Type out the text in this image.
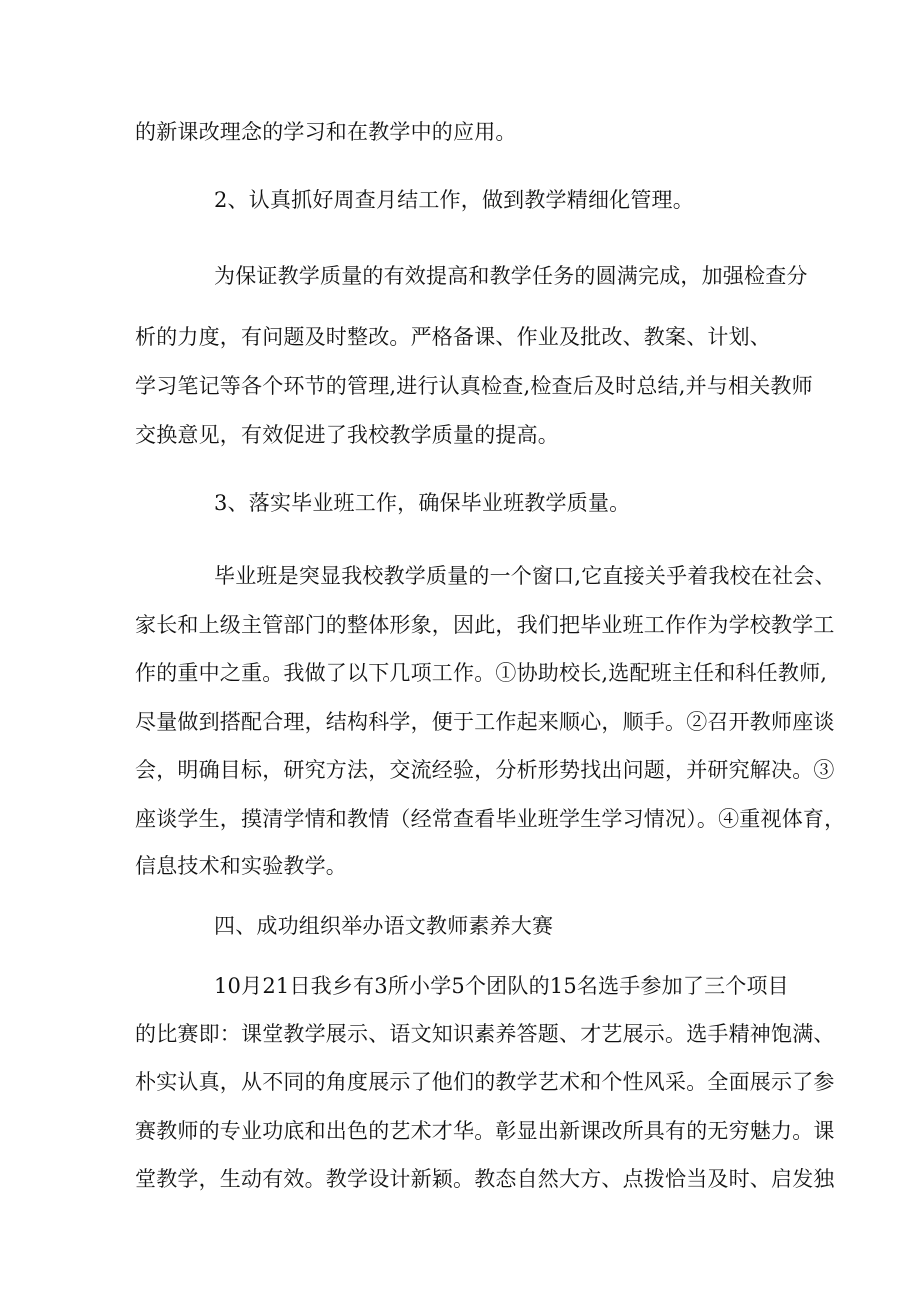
的新课改理念的学习和在教学中的应用。
2、认真抓好周查月结工作，做到教学精细化管理。
为保证教学质量的有效提高和教学任务的圆满完成，加强检查分
析的力度，有问题及时整改。严格备课、作业及批改、教案、计划、
学习笔记等各个环节的管理,进行认真检查,检查后及时总结,并与相关教师
交换意见，有效促进了我校教学质量的提高。
3、落实毕业班工作，确保毕业班教学质量。
毕业班是突显我校教学质量的一个窗口,它直接关乎着我校在社会、
家长和上级主管部门的整体形象，因此，我们把毕业班工作作为学校教学工
作的重中之重。我做了以下几项工作。①协助校长,选配班主任和科任教师,
尽量做到搭配合理，结构科学，便于工作起来顺心，顺手。②召开教师座谈
会，明确目标，研究方法，交流经验，分析形势找出问题，并研究解决。③
座谈学生，摸清学情和教情（经常查看毕业班学生学习情况）。④重视体育，
信息技术和实验教学。
四、成功组织举办语文教师素养大赛
10月21日我乡有3所小学5个团队的15名选手参加了三个项目
的比赛即：课堂教学展示、语文知识素养答题、才艺展示。选手精神饱满、
朴实认真，从不同的角度展示了他们的教学艺术和个性风采。全面展示了参
赛教师的专业功底和出色的艺术才华。彰显出新课改所具有的无穷魅力。课
堂教学，生动有效。教学设计新颖。教态自然大方、点拨恰当及时、启发独
